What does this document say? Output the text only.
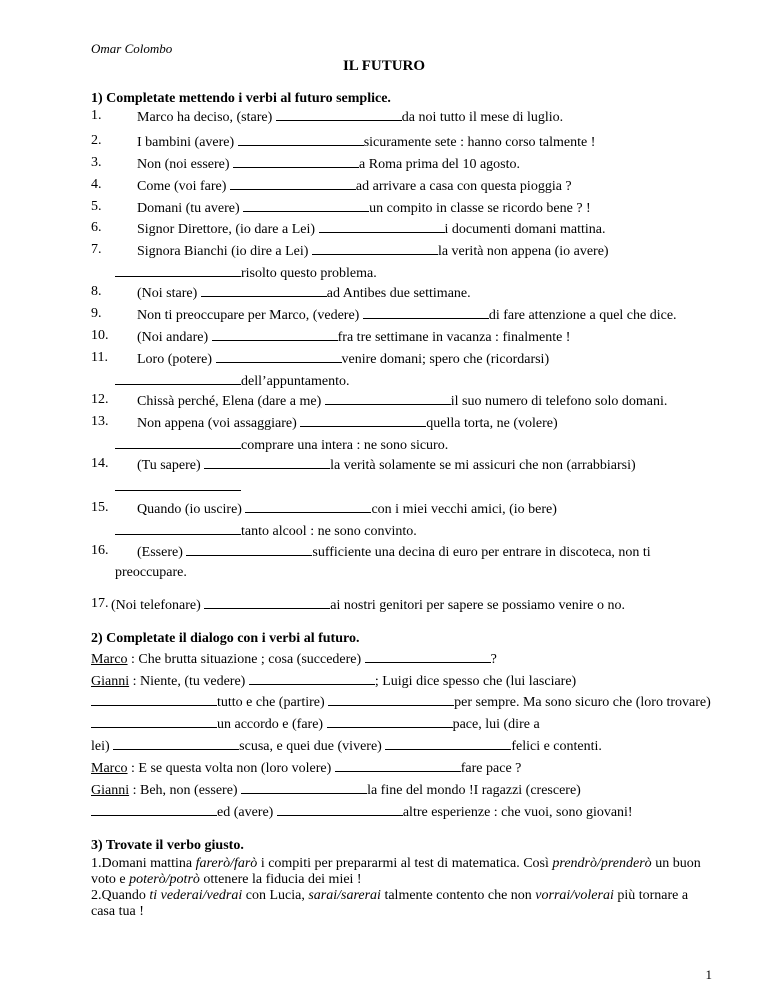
Omar Colombo
IL FUTURO
1) Completate mettendo i verbi al futuro semplice.
1.	Marco ha deciso, (stare)	da noi tutto il mese di luglio.
2.	I bambini (avere)	sicuramente sete : hanno corso talmente !
3.	Non (noi essere)	a Roma prima del 10 agosto.
4.	Come (voi fare)	ad arrivare a casa con questa pioggia ?
5.	Domani (tu avere)	un compito in classe se ricordo bene ? !
6.	Signor Direttore, (io dare a Lei)	i documenti domani mattina.
7.	Signora Bianchi (io dire a Lei)	la verità non appena (io avere)
risolto questo problema.
8.	(Noi stare)	ad Antibes due settimane.
9.	Non ti preoccupare per Marco, (vedere)	di fare attenzione a quel che dice.
10. (Noi andare)	fra tre settimane in vacanza : finalmente !
11. Loro (potere)	venire domani; spero che (ricordarsi)
dell’appuntamento.
12. Chissà perché, Elena (dare a me)	il suo numero di telefono solo domani.
13. Non appena (voi assaggiare)	quella torta, ne (volere)
comprare una intera : ne sono sicuro.
14. (Tu sapere)	la verità solamente se mi assicuri che non (arrabbiarsi)
15. Quando (io uscire)	con i miei vecchi amici, (io bere)
tanto alcool : ne sono convinto.
16. (Essere)	sufficiente una decina di euro per entrare in discoteca, non ti
preoccupare.
17. (Noi telefonare)	ai nostri genitori per sapere se possiamo venire o no.
2) Completate il dialogo con i verbi al futuro.
Marco : Che brutta situazione ; cosa (succedere)	?
Gianni : Niente, (tu vedere)	; Luigi dice spesso che (lui lasciare)
tutto e che (partire)	per sempre. Ma sono sicuro che (loro trovare)
un accordo e (fare)	pace, lui (dire a
lei)	scusa, e quei due (vivere)	felici e contenti.
Marco : E se questa volta non (loro volere)	fare pace ?
Gianni : Beh, non (essere)	la fine del mondo !I ragazzi (crescere)
ed (avere)	altre esperienze : che vuoi, sono giovani!
3) Trovate il verbo giusto.
1.Domani mattina farerò/farò i compiti per prepararmi al test di matematica. Così prendrò/prenderò un buon voto e poterò/potrò ottenere la fiducia dei miei !
2.Quando ti vederai/vedrai con Lucia, sarai/sarerai talmente contento che non vorrai/volerai più tornare a casa tua !
1
